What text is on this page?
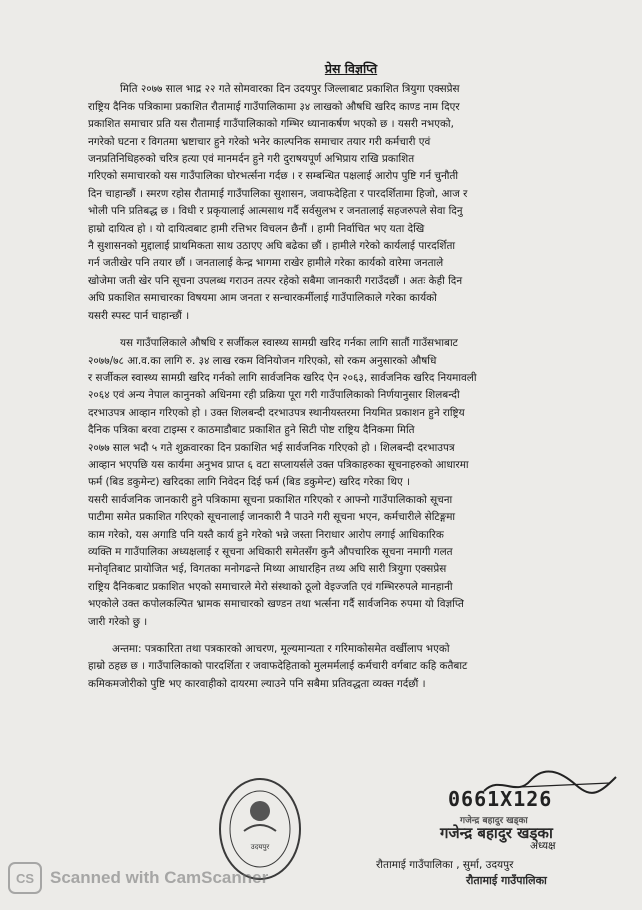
प्रेस विज्ञप्ति
मिति २०७७ साल भाद्र २२ गते सोमवारका दिन उदयपुर जिल्लाबाट प्रकाशित त्रियुगा एक्सप्रेस
राष्ट्रिय दैनिक पत्रिकामा प्रकाशित रौतामाई गाउँपालिकामा ३४ लाखको औषधि खरिद काण्ड नाम दिएर
प्रकाशित समाचार प्रति यस रौतामाई गाउँपालिकाको गम्भिर ध्यानाकर्षण भएको छ । यसरी नभएको,
नगरेको घटना र विगतमा भ्रष्टाचार हुने गरेको भनेर काल्पनिक समाचार तयार गरी कर्मचारी एवं
जनप्रतिनिधिहरुको चरित्र हत्या एवं मानमर्दन हुने गरी दुराषयपूर्ण अभिप्राय राखि प्रकाशित
गरिएको समाचारको यस गाउँपालिका घोरभर्त्सना गर्दछ । र सम्बन्धित पक्षलाई आरोप पुष्टि गर्न चुनौती
दिन चाहान्छौं । स्मरण रहोस रौतामाई गाउँपालिका सुशासन, जवाफदेहिता र पारदर्शितामा हिजो, आज र
भोली पनि प्रतिबद्ध छ । विधी र प्रकृयालाई आत्मसाथ गर्दै सर्वसुलभ र जनतालाई सहजरुपले सेवा दिनु
हाम्रो दायित्व हो । यो दायित्वबाट हामी रत्तिभर विचलन छैनौं । हामी निर्वाचित भए यता देखि
नै सुशासनको मुद्दालाई प्राथमिकता साथ उठाए‌ए अघि बढेका छौं । हामीले गरेको कार्यलाई पारदर्शिता
गर्न जतीखेर पनि तयार छौं । जनतालाई केन्द्र भागमा राखेर हामीले गरेका कार्यको वारेमा जनताले
खोजेमा जती खेर पनि सूचना उपलब्ध गराउन तत्पर रहेको सबैमा जानकारी गराउँदछौं । अतः केही दिन
अघि प्रकाशित समाचारका विषयमा आम जनता र सन्चारकर्मीलाई गाउँपालिकाले गरेका कार्यको
यसरी स्पस्ट पार्न चाहान्छौं ।
यस गाउँपालिकाले औषधि र सर्जीकल स्वास्थ्य सामग्री खरिद गर्नका लागि सातौं गाउँसभाबाट
२०७७/७८ आ.व.का लागि रु. ३४ लाख रकम विनियोजन गरिएको, सो रकम अनुसारको औषधि
र सर्जीकल स्वास्थ्य सामग्री खरिद गर्नको लागि सार्वजनिक खरिद ऐन २०६३, सार्वजनिक खरिद नियमावली
२०६४ एवं अन्य नेपाल कानुनको अधिनमा रही प्रक्रिया पूरा गरी गाउँपालिकाको निर्णयानुसार शिलबन्दी
दरभाउपत्र आव्हान गरिएको हो । उक्त शिलबन्दी दरभाउपत्र स्थानीयस्तरमा नियमित प्रकाशन हुने राष्ट्रिय
दैनिक पत्रिका बरवा टाइम्स र काठमाडौबाट प्रकाशित हुने सिटी पोष्ट राष्ट्रिय दैनिकमा मिति
२०७७ साल भदौ ५ गते शुक्रवारका दिन प्रकाशित भई सार्वजनिक गरिएको हो । शिलबन्दी दरभाउपत्र
आव्हान भएपछि यस कार्यमा अनुभव प्राप्त ६ वटा सप्लायर्सले उक्त पत्रिकाहरुका सूचनाहरुको आधारमा
फर्म (बिड डकुमेन्ट) खरिदका लागि निवेदन दिई फर्म (बिड डकुमेन्ट) खरिद गरेका थिए ।
यसरी सार्वजनिक जानकारी हुने पत्रिकामा सूचना प्रकाशित गरिएको र आफ्नो गाउँपालिकाको सूचना
पाटीमा समेत प्रकाशित गरिएको सूचनालाई जानकारी नै पाउने गरी सूचना भएन, कर्मचारीले सेटिङ्गमा
काम गरेको, यस अगाडि पनि यस्तै कार्य हुने गरेको भन्ने जस्ता निराधार आरोप लगाई आधिकारिक
व्यक्ति म गाउँपालिका अध्यक्षलाई र सूचना अधिकारी समेतसँग कुनै औपचारिक सूचना नमागी गलत
मनोवृतिबाट प्रायोजित भई, विगतका मनोगढन्ते मिथ्या आधारहिन तथ्य अघि सारी त्रियुगा एक्सप्रेस
राष्ट्रिय दैनिकबाट प्रकाशित भएको समाचारले मेरो संस्थाको ठूलो वेइज्जति एवं गम्भिररुपले मानहानी
भएकोले उक्त कपोलकल्पित भ्रामक समाचारको खण्डन तथा भर्त्सना गर्दै सार्वजनिक रुपमा यो विज्ञप्ति
जारी गरेको छु ।
अन्तमा: पत्रकारिता तथा पत्रकारको आचरण, मूल्यमान्यता र गरिमाकोसमेत वर्खीलाप भएको
हाम्रो ठहछ छ । गाउँपालिकाको पारदर्शिता र जवाफदेहिताको मुलमर्मलाई कर्मचारी वर्गबाट कहि कतैबाट
कमिकमजोरीको पुष्टि भए कारवाहीको दायरमा ल्याउने पनि सबैमा प्रतिवद्धता व्यक्त गर्दछौं ।
उदयपुर
0661X126
गजेन्द्र बहादुर खड्का
गजेन्द्र बहादुर खड्का
अध्यक्ष
रौतामाई गाउँपालिका , सुर्मा, उदयपुर
रौतामाई गाउँपालिका
CS Scanned with CamScanner
